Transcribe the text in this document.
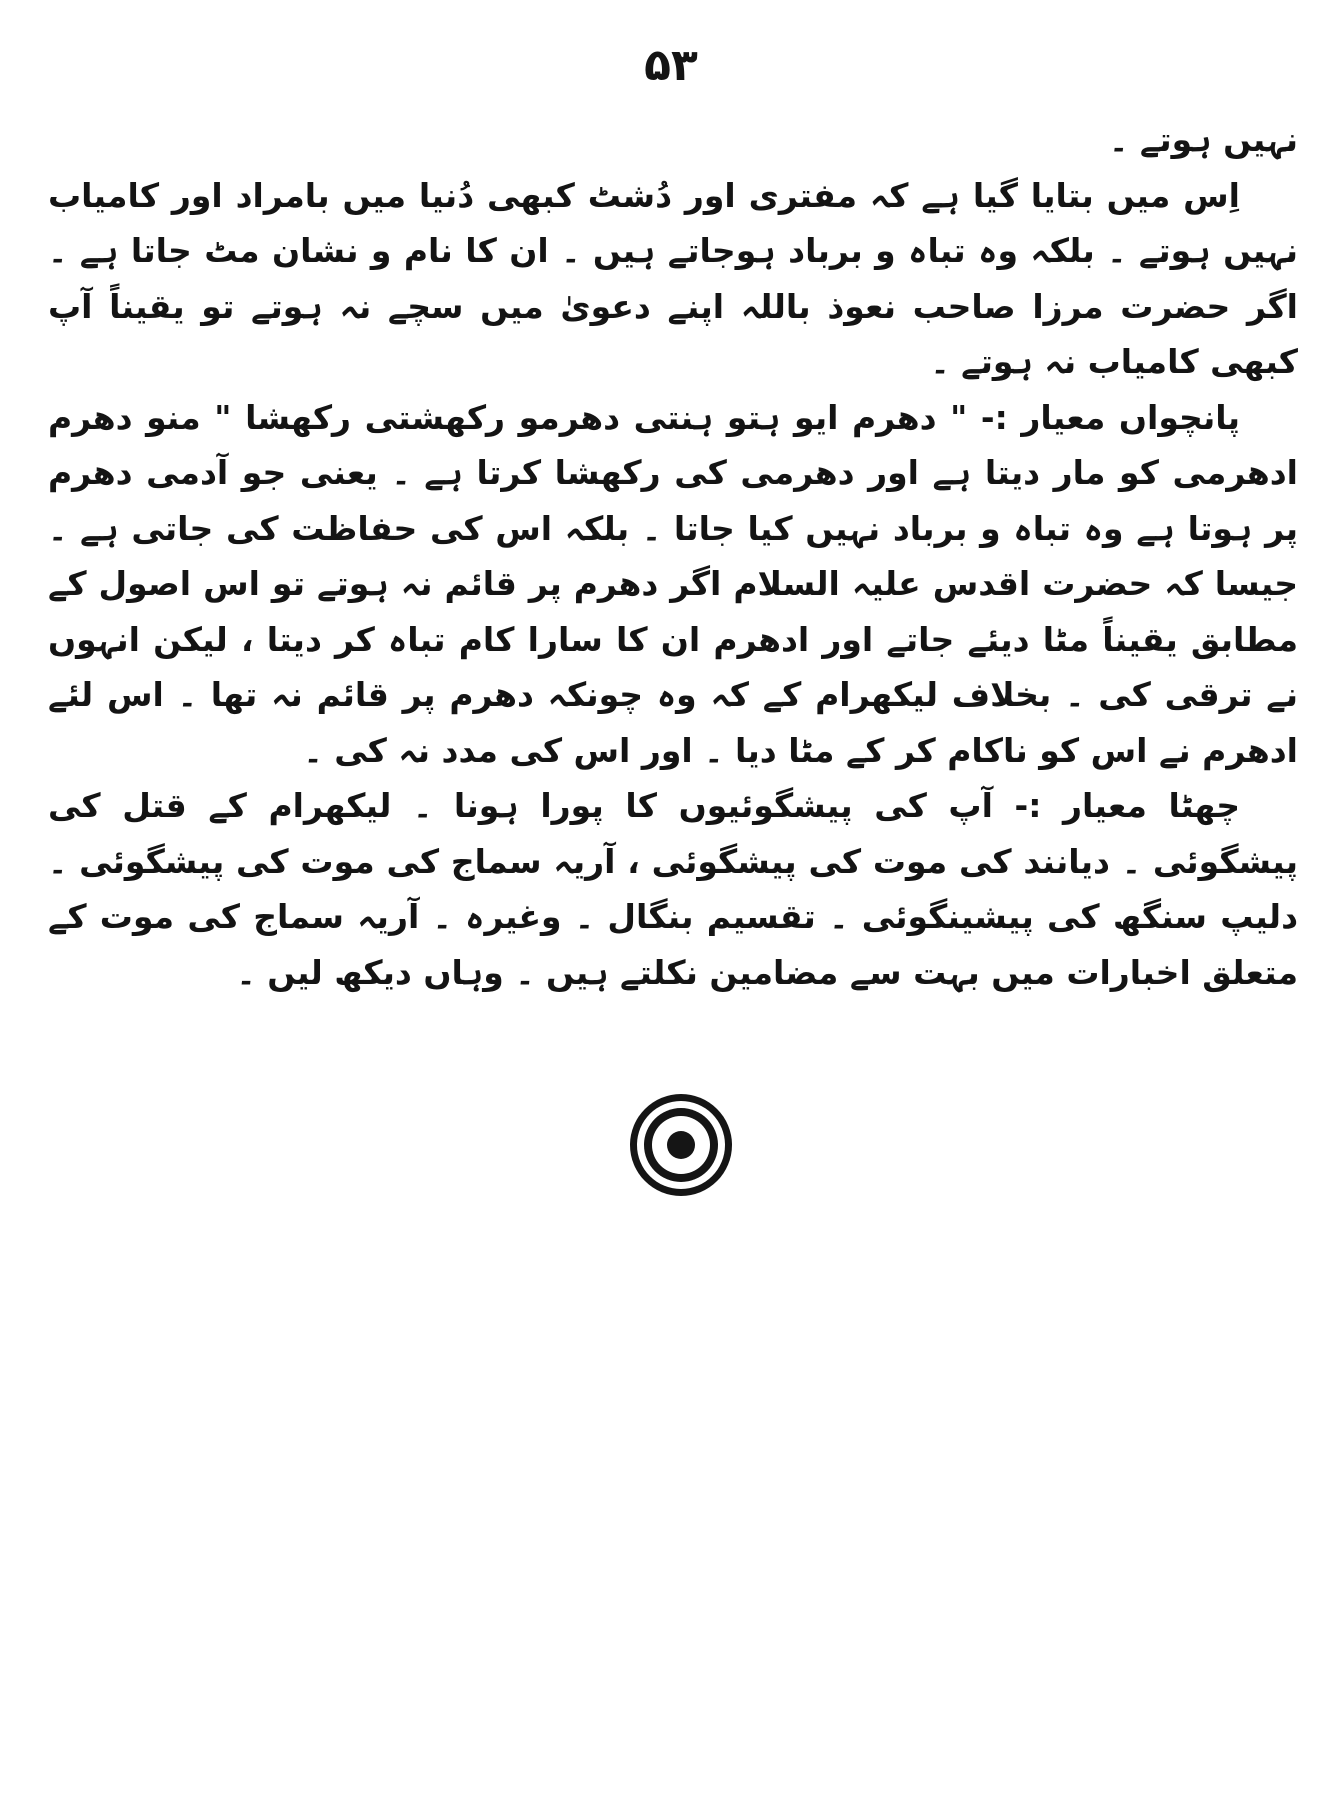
۵۳

نہیں ہوتے ۔

اِس میں بتایا گیا ہے کہ مفتری اور دُشٹ کبھی دُنیا میں بامراد اور کامیاب نہیں ہوتے ۔ بلکہ وہ تباہ و برباد ہوجاتے ہیں ۔ ان کا نام و نشان مٹ جاتا ہے ۔ اگر حضرت مرزا صاحب نعوذ باللہ اپنے دعویٰ میں سچے نہ ہوتے تو یقیناً آپ کبھی کامیاب نہ ہوتے ۔

پانچواں معیار :- " دھرم ایو ہتو ہنتی دھرمو رکھشتی رکھشا " منو دھرم ادھرمی کو مار دیتا ہے اور دھرمی کی رکھشا کرتا ہے ۔ یعنی جو آدمی دھرم پر ہوتا ہے وہ تباہ و برباد نہیں کیا جاتا ۔ بلکہ اس کی حفاظت کی جاتی ہے ۔ جیسا کہ حضرت اقدس علیہ السلام اگر دھرم پر قائم نہ ہوتے تو اس اصول کے مطابق یقیناً مٹا دیئے جاتے اور ادھرم ان کا سارا کام تباہ کر دیتا ، لیکن انہوں نے ترقی کی ۔ بخلاف لیکھرام کے کہ وہ چونکہ دھرم پر قائم نہ تھا ۔ اس لئے ادھرم نے اس کو ناکام کر کے مٹا دیا ۔ اور اس کی مدد نہ کی ۔

چھٹا معیار :- آپ کی پیشگوئیوں کا پورا ہونا ۔ لیکھرام کے قتل کی پیشگوئی ۔ دیانند کی موت کی پیشگوئی ، آریہ سماج کی موت کی پیشگوئی ۔ دلیپ سنگھ کی پیشینگوئی ۔ تقسیم بنگال ۔ وغیرہ ۔ آریہ سماج کی موت کے متعلق اخبارات میں بہت سے مضامین نکلتے ہیں ۔ وہاں دیکھ لیں ۔
